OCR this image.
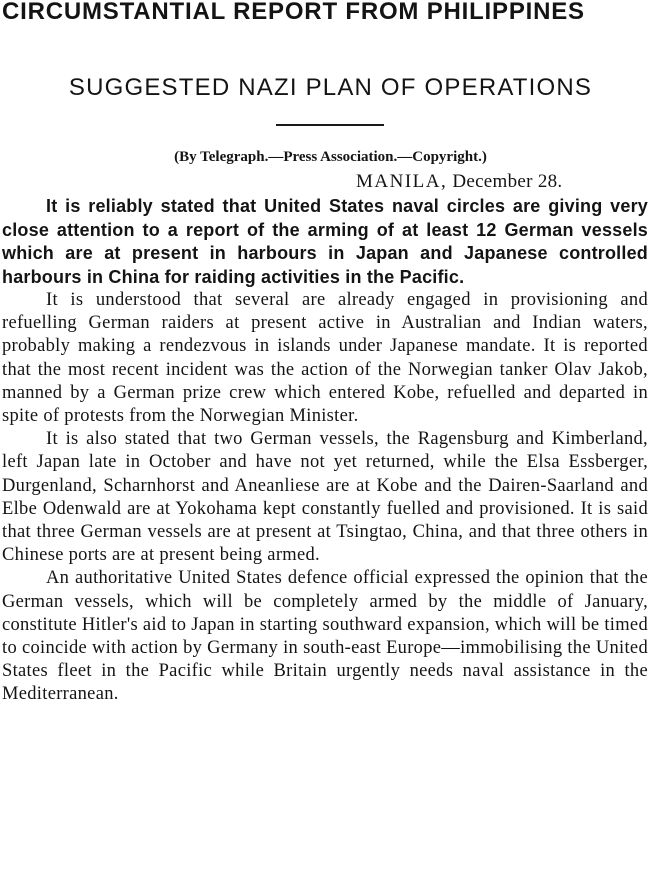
CIRCUMSTANTIAL REPORT FROM PHILIPPINES
SUGGESTED NAZI PLAN OF OPERATIONS
(By Telegraph.—Press Association.—Copyright.)
MANILA, December 28.

It is reliably stated that United States naval circles are giving very close attention to a report of the arming of at least 12 German vessels which are at present in harbours in Japan and Japanese controlled harbours in China for raiding activities in the Pacific.

It is understood that several are already engaged in provisioning and refuelling German raiders at present active in Australian and Indian waters, probably making a rendezvous in islands under Japanese mandate. It is reported that the most recent incident was the action of the Norwegian tanker Olav Jakob, manned by a German prize crew which entered Kobe, refuelled and departed in spite of protests from the Norwegian Minister.

It is also stated that two German vessels, the Ragensburg and Kimberland, left Japan late in October and have not yet returned, while the Elsa Essberger, Durgenland, Scharnhorst and Aneanliese are at Kobe and the Dairen-Saarland and Elbe Odenwald are at Yokohama kept constantly fuelled and provisioned. It is said that three German vessels are at present at Tsingtao, China, and that three others in Chinese ports are at present being armed.

An authoritative United States defence official expressed the opinion that the German vessels, which will be completely armed by the middle of January, constitute Hitler's aid to Japan in starting southward expansion, which will be timed to coincide with action by Germany in south-east Europe—immobilising the United States fleet in the Pacific while Britain urgently needs naval assistance in the Mediterranean.
